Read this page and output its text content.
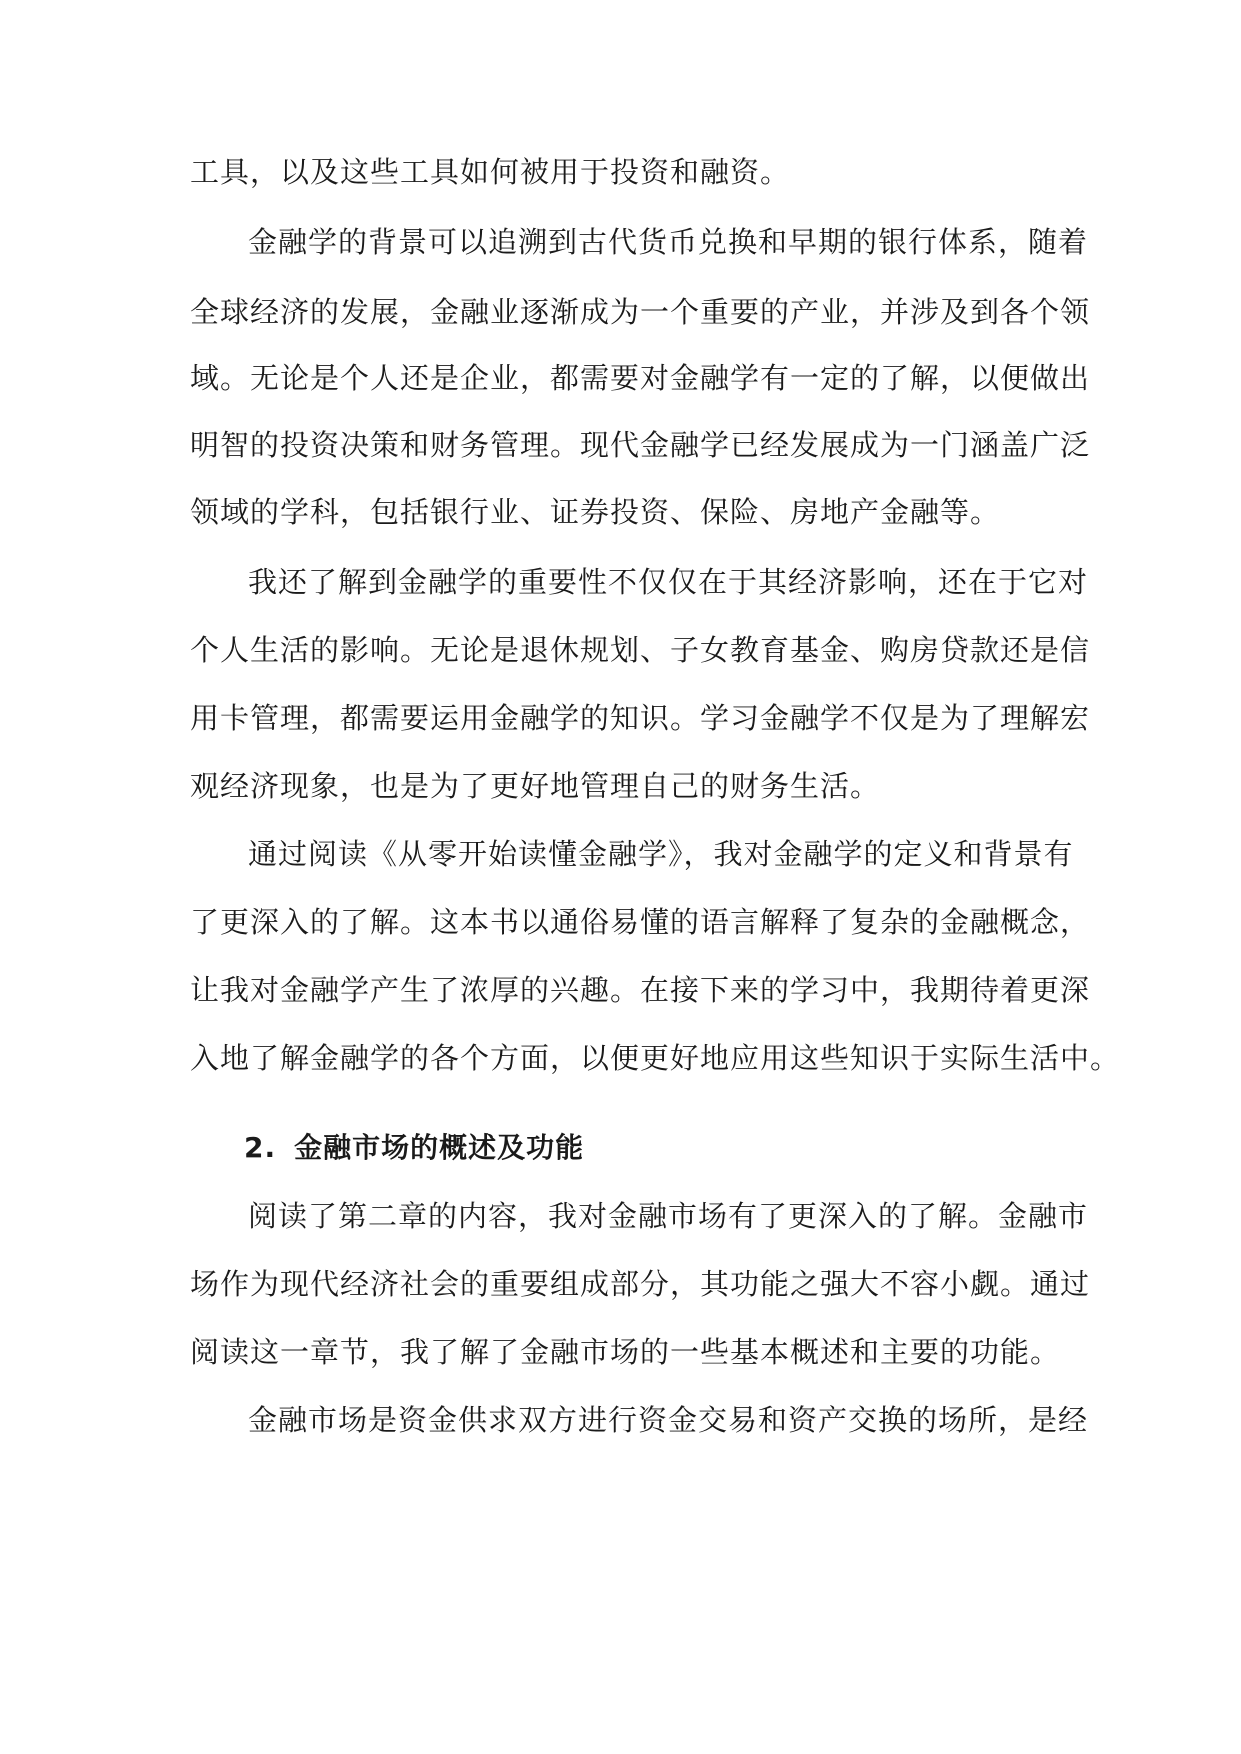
工具，以及这些工具如何被用于投资和融资。
金融学的背景可以追溯到古代货币兑换和早期的银行体系，随着
全球经济的发展，金融业逐渐成为一个重要的产业，并涉及到各个领
域。无论是个人还是企业，都需要对金融学有一定的了解，以便做出
明智的投资决策和财务管理。现代金融学已经发展成为一门涵盖广泛
领域的学科，包括银行业、证券投资、保险、房地产金融等。
我还了解到金融学的重要性不仅仅在于其经济影响，还在于它对
个人生活的影响。无论是退休规划、子女教育基金、购房贷款还是信
用卡管理，都需要运用金融学的知识。学习金融学不仅是为了理解宏
观经济现象，也是为了更好地管理自己的财务生活。
通过阅读《从零开始读懂金融学》，我对金融学的定义和背景有
了更深入的了解。这本书以通俗易懂的语言解释了复杂的金融概念，
让我对金融学产生了浓厚的兴趣。在接下来的学习中，我期待着更深
入地了解金融学的各个方面，以便更好地应用这些知识于实际生活中。
2. 金融市场的概述及功能
阅读了第二章的内容，我对金融市场有了更深入的了解。金融市
场作为现代经济社会的重要组成部分，其功能之强大不容小觑。通过
阅读这一章节，我了解了金融市场的一些基本概述和主要的功能。
金融市场是资金供求双方进行资金交易和资产交换的场所，是经
